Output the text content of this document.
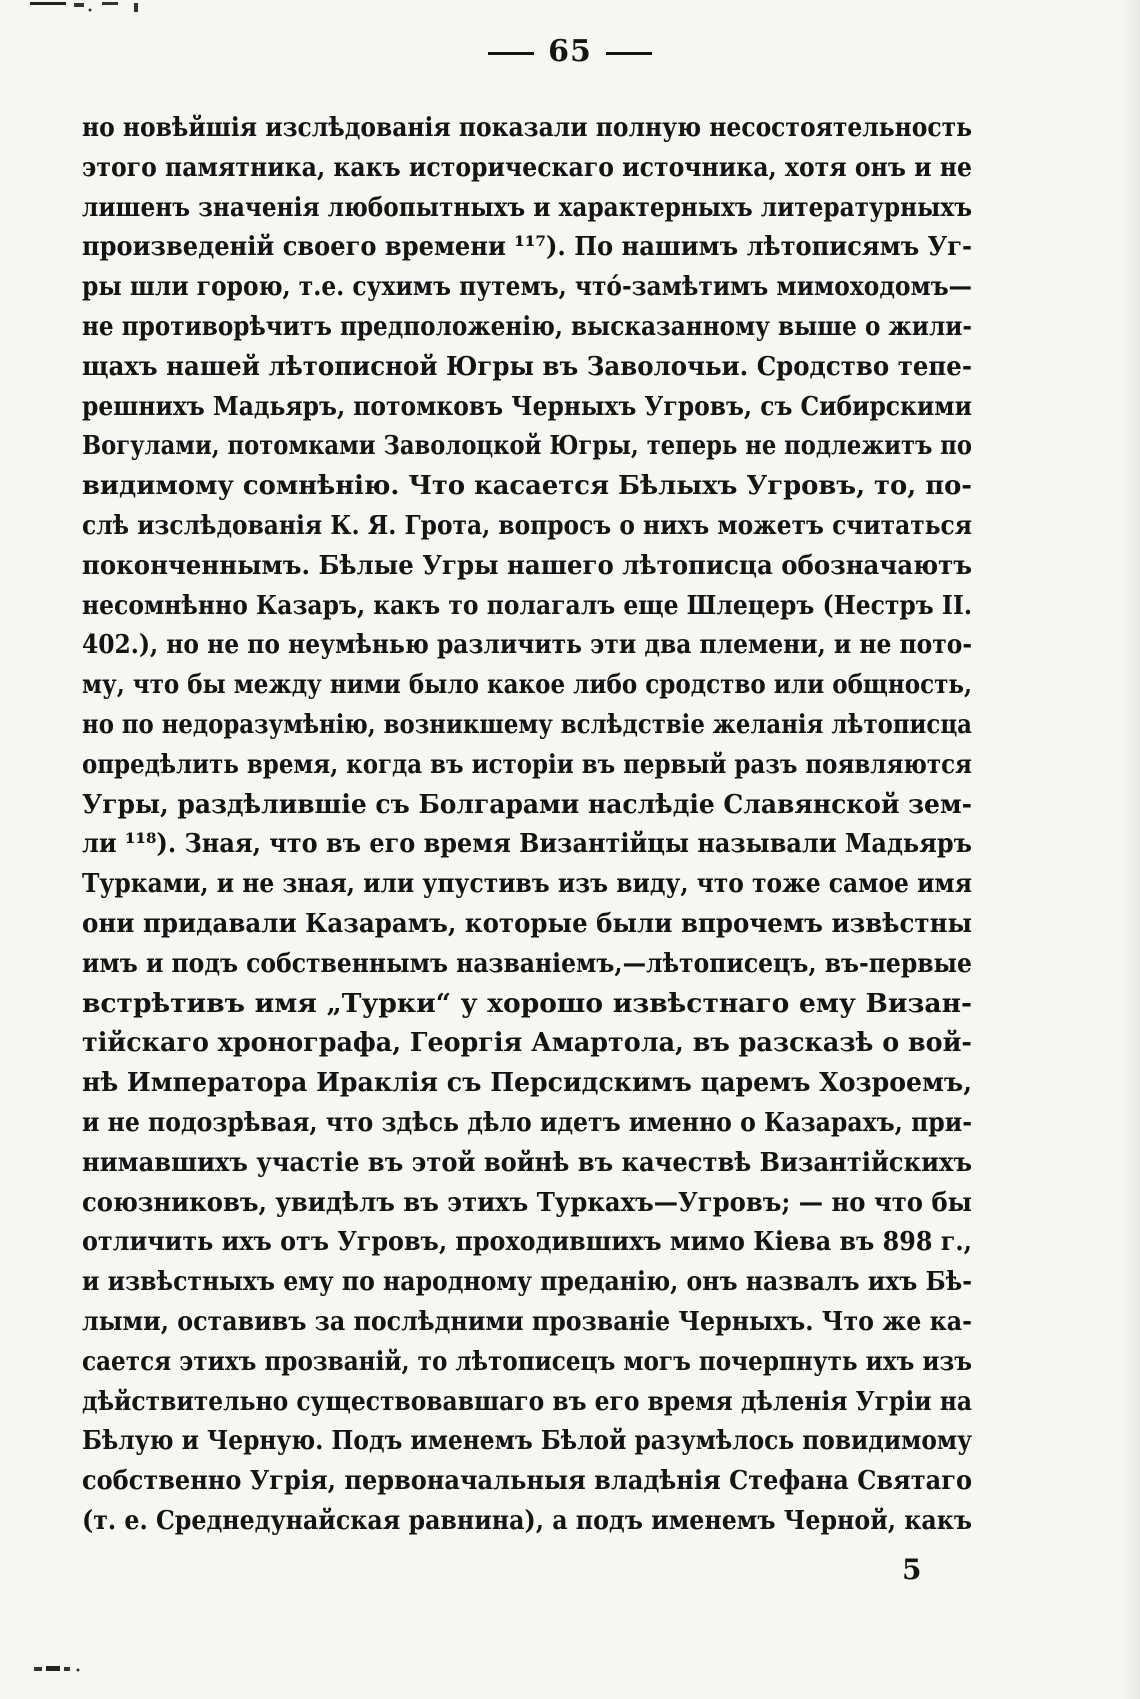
65
но новѣйшія изслѣдованія показали полную несостоятельность
этого памятника, какъ историческаго источника, хотя онъ и не
лишенъ значенія любопытныхъ и характерныхъ литературныхъ
произведеній своего времени ¹¹⁷). По нашимъ лѣтописямъ Уг-
ры шли горою, т.е. сухимъ путемъ, что́-замѣтимъ мимоходомъ—
не противорѣчитъ предположенію, высказанному выше о жили-
щахъ нашей лѣтописной Югры въ Заволочьи. Сродство тепе-
решнихъ Мадьяръ, потомковъ Черныхъ Угровъ, съ Сибирскими
Вогулами, потомками Заволоцкой Югры, теперь не подлежитъ по
видимому сомнѣнію. Что касается Бѣлыхъ Угровъ, то, по-
слѣ изслѣдованія К. Я. Грота, вопросъ о нихъ можетъ считаться
поконченнымъ. Бѣлые Угры нашего лѣтописца обозначаютъ
несомнѣнно Казаръ, какъ то полагалъ еще Шлецеръ (Нестръ II.
402.), но не по неумѣнью различить эти два племени, и не пото-
му, что бы между ними было какое либо сродство или общность,
но по недоразумѣнію, возникшему вслѣдствіе желанія лѣтописца
опредѣлить время, когда въ исторіи въ первый разъ появляются
Угры, раздѣлившіе съ Болгарами наслѣдіе Славянской зем-
ли ¹¹⁸). Зная, что въ его время Византійцы называли Мадьяръ
Турками, и не зная, или упустивъ изъ виду, что тоже самое имя
они придавали Казарамъ, которые были впрочемъ извѣстны
имъ и подъ собственнымъ названіемъ,—лѣтописецъ, въ-первые
встрѣтивъ имя „Турки“ у хорошо извѣстнаго ему Визан-
тійскаго хронографа, Георгія Амартола, въ разсказѣ о вой-
нѣ Императора Ираклія съ Персидскимъ царемъ Хозроемъ,
и не подозрѣвая, что здѣсь дѣло идетъ именно о Казарахъ, при-
нимавшихъ участіе въ этой войнѣ въ качествѣ Византійскихъ
союзниковъ, увидѣлъ въ этихъ Туркахъ—Угровъ; — но что бы
отличить ихъ отъ Угровъ, проходившихъ мимо Кіева въ 898 г.,
и извѣстныхъ ему по народному преданію, онъ назвалъ ихъ Бѣ-
лыми, оставивъ за послѣдними прозваніе Черныхъ. Что же ка-
сается этихъ прозваній, то лѣтописецъ могъ почерпнуть ихъ изъ
дѣйствительно существовавшаго въ его время дѣленія Угріи на
Бѣлую и Черную. Подъ именемъ Бѣлой разумѣлось повидимому
собственно Угрія, первоначальныя владѣнія Стефана Святаго
(т. е. Среднедунайская равнина), а подъ именемъ Черной, какъ
5
